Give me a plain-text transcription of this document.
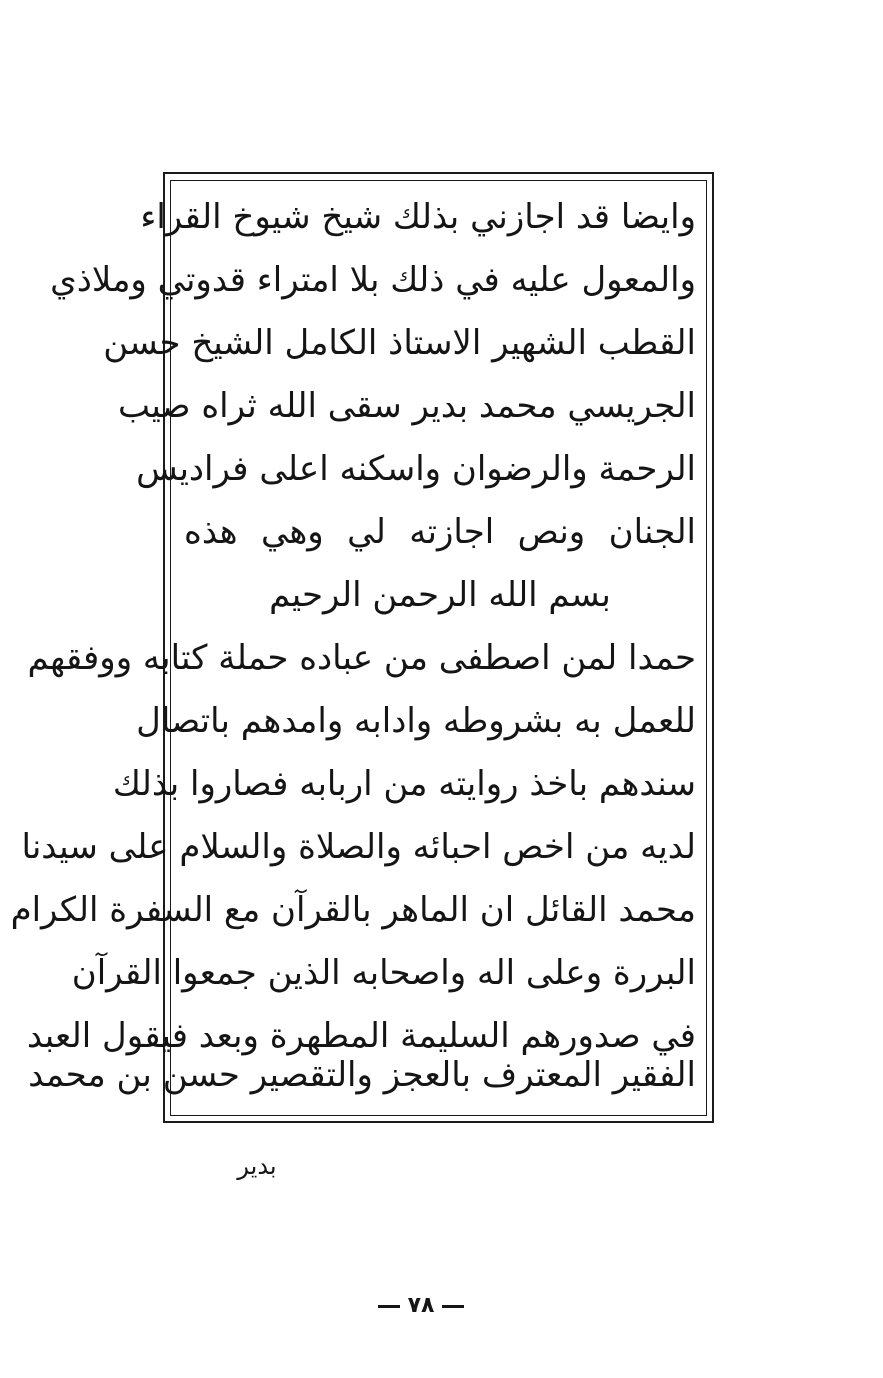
وايضا قد اجازني بذلك شيخ شيوخ القراء
والمعول عليه في ذلك بلا امتراء قدوتي وملاذي
القطب الشهير الاستاذ الكامل الشيخ حسن
الجريسي محمد بدير سقى الله ثراه صيب
الرحمة والرضوان واسكنه اعلى فراديس
الجنان ونص اجازته لي وهي هذه
بسم الله الرحمن الرحيم
حمدا لمن اصطفى من عباده حملة كتابه ووفقهم
للعمل به بشروطه وادابه وامدهم باتصال
سندهم باخذ روايته من اربابه فصاروا بذلك
لديه من اخص احبائه والصلاة والسلام على سيدنا
محمد القائل ان الماهر بالقرآن مع السفرة الكرام
البررة وعلى اله واصحابه الذين جمعوا القرآن
في صدورهم السليمة المطهرة وبعد فيقول العبد
الفقير المعترف بالعجز والتقصير حسن بن محمد
بدير
٧٨
